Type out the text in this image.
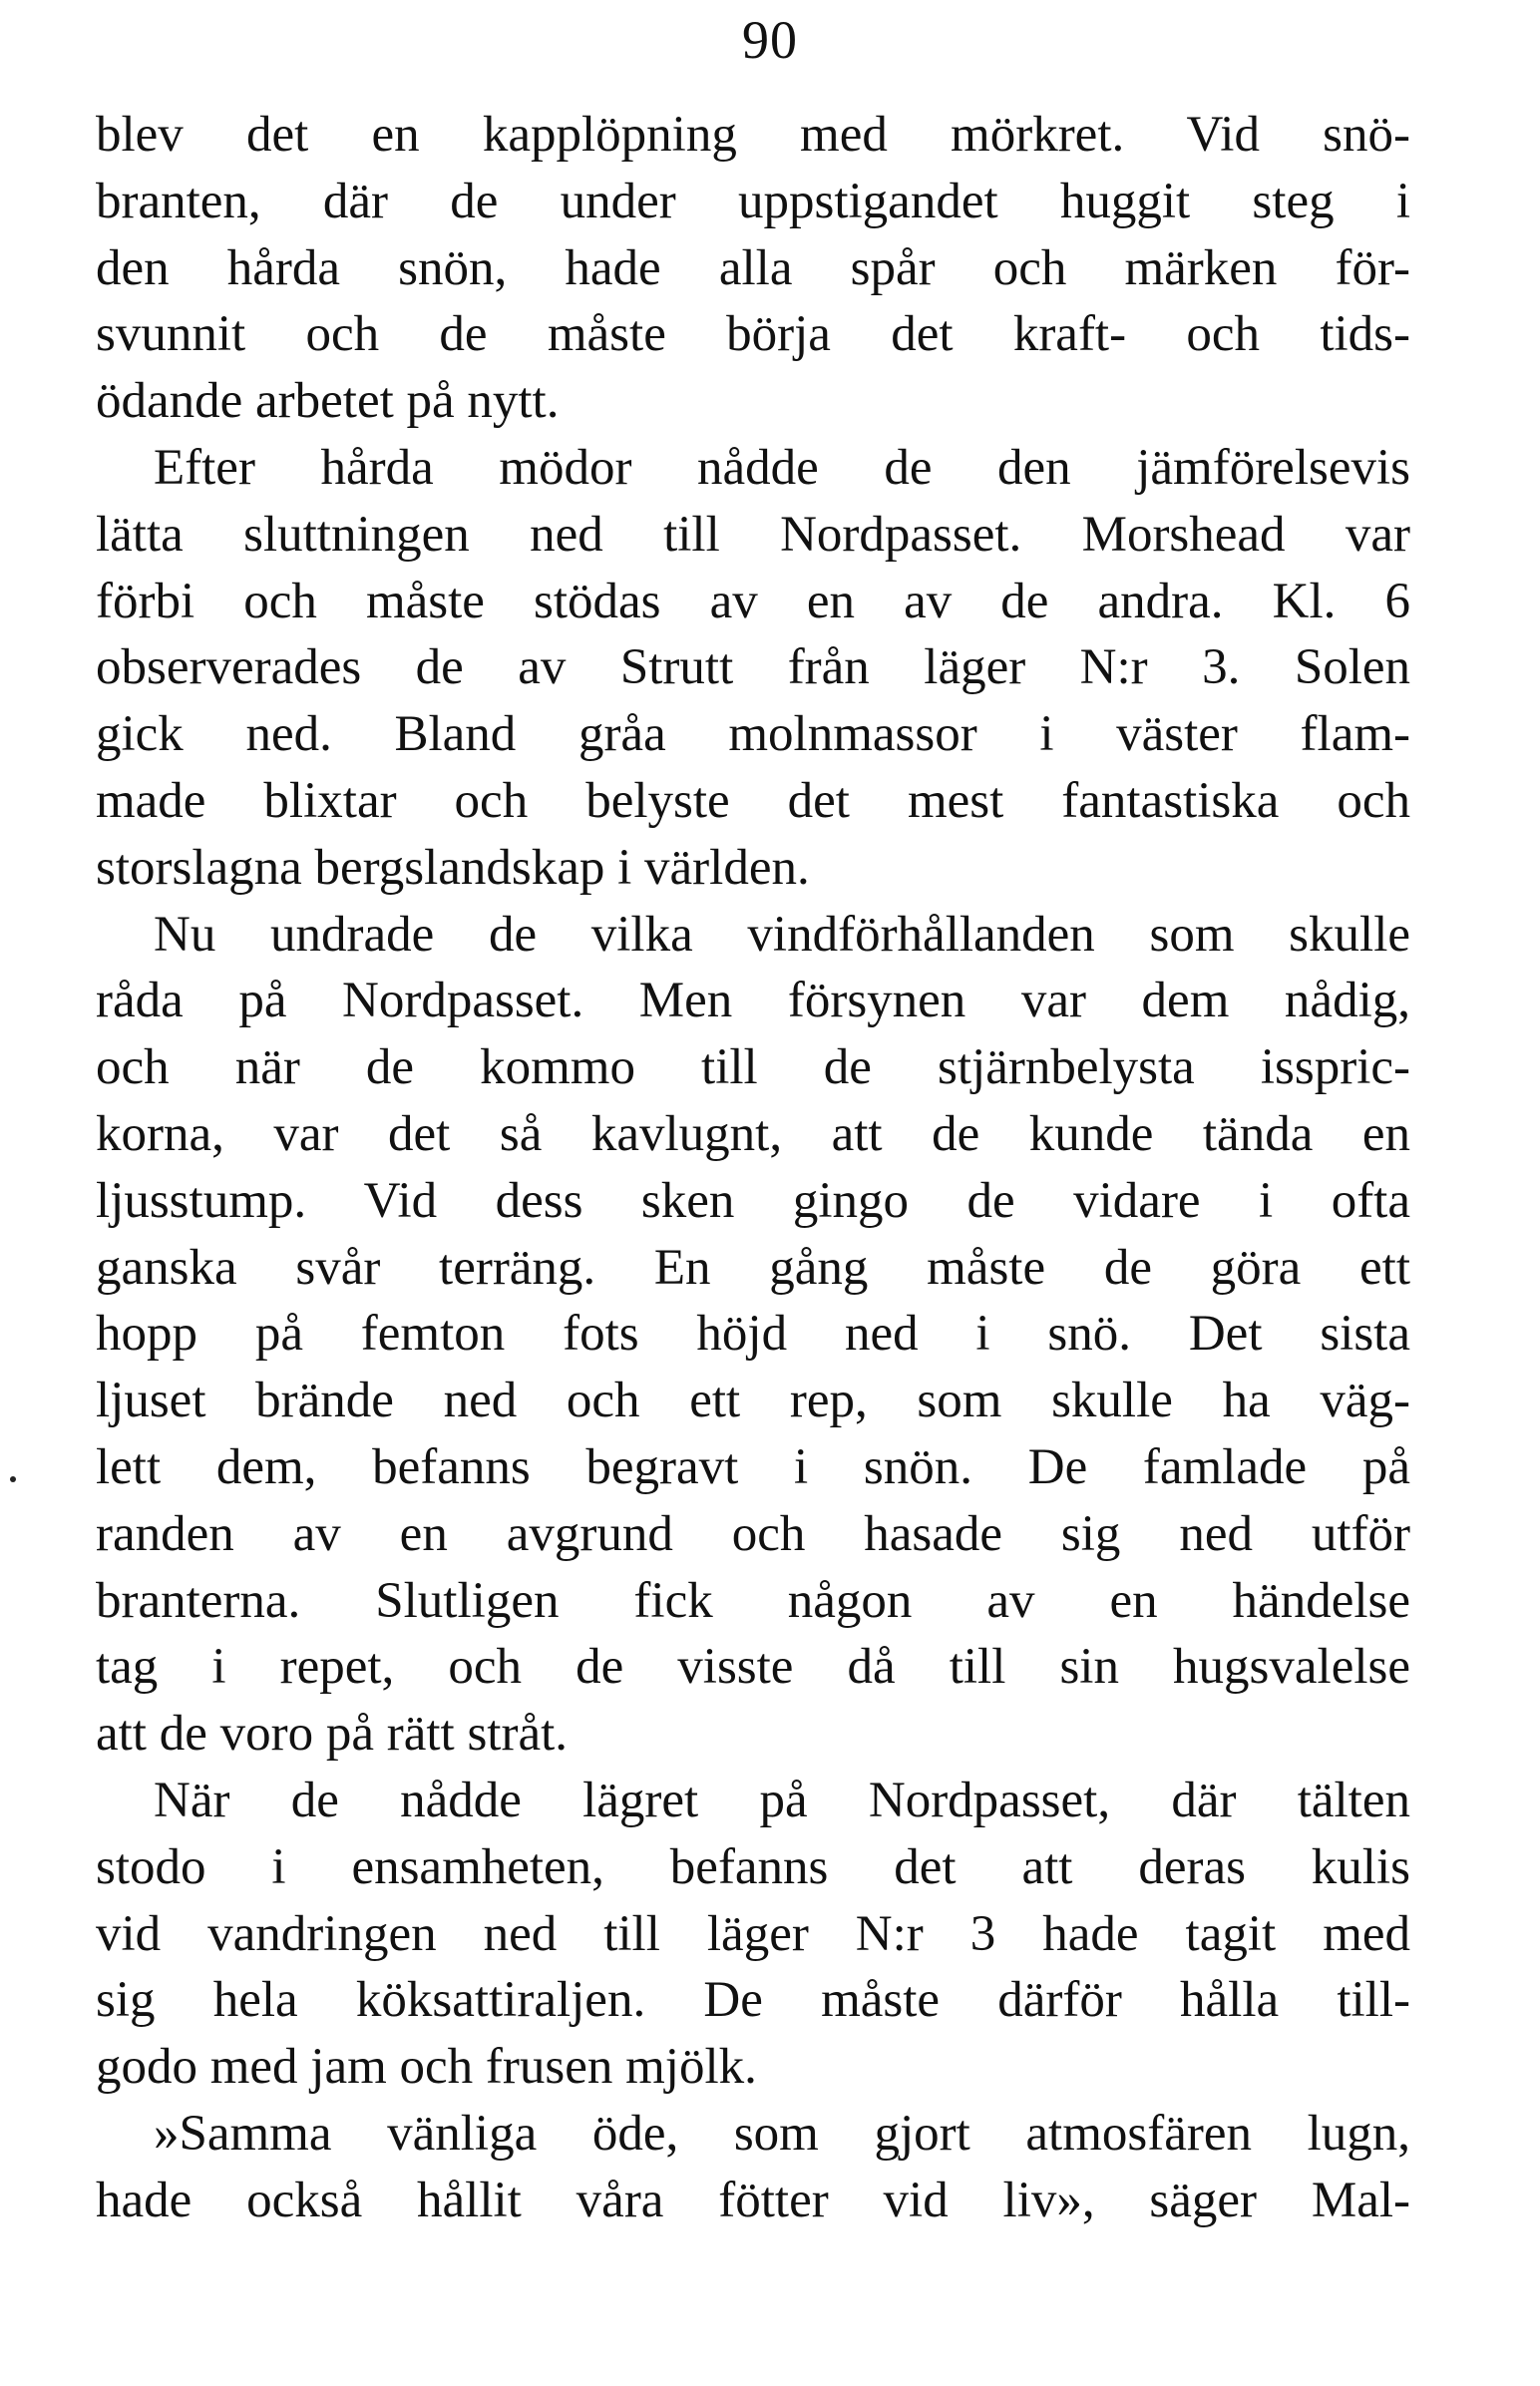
90
blev det en kapplöpning med mörkret. Vid snö-
branten, där de under uppstigandet huggit steg i
den hårda snön, hade alla spår och märken för-
svunnit och de måste börja det kraft- och tids-
ödande arbetet på nytt.
Efter hårda mödor nådde de den jämförelsevis
lätta sluttningen ned till Nordpasset. Morshead var
förbi och måste stödas av en av de andra. Kl. 6
observerades de av Strutt från läger N:r 3. Solen
gick ned. Bland gråa molnmassor i väster flam-
made blixtar och belyste det mest fantastiska och
storslagna bergslandskap i världen.
Nu undrade de vilka vindförhållanden som skulle
råda på Nordpasset. Men försynen var dem nådig,
och när de kommo till de stjärnbelysta isspric-
korna, var det så kavlugnt, att de kunde tända en
ljusstump. Vid dess sken gingo de vidare i ofta
ganska svår terräng. En gång måste de göra ett
hopp på femton fots höjd ned i snö. Det sista
ljuset brände ned och ett rep, som skulle ha väg-
lett dem, befanns begravt i snön. De famlade på
randen av en avgrund och hasade sig ned utför
branterna. Slutligen fick någon av en händelse
tag i repet, och de visste då till sin hugsvalelse
att de voro på rätt stråt.
När de nådde lägret på Nordpasset, där tälten
stodo i ensamheten, befanns det att deras kulis
vid vandringen ned till läger N:r 3 hade tagit med
sig hela köksattiraljen. De måste därför hålla till-
godo med jam och frusen mjölk.
»Samma vänliga öde, som gjort atmosfären lugn,
hade också hållit våra fötter vid liv», säger Mal-
